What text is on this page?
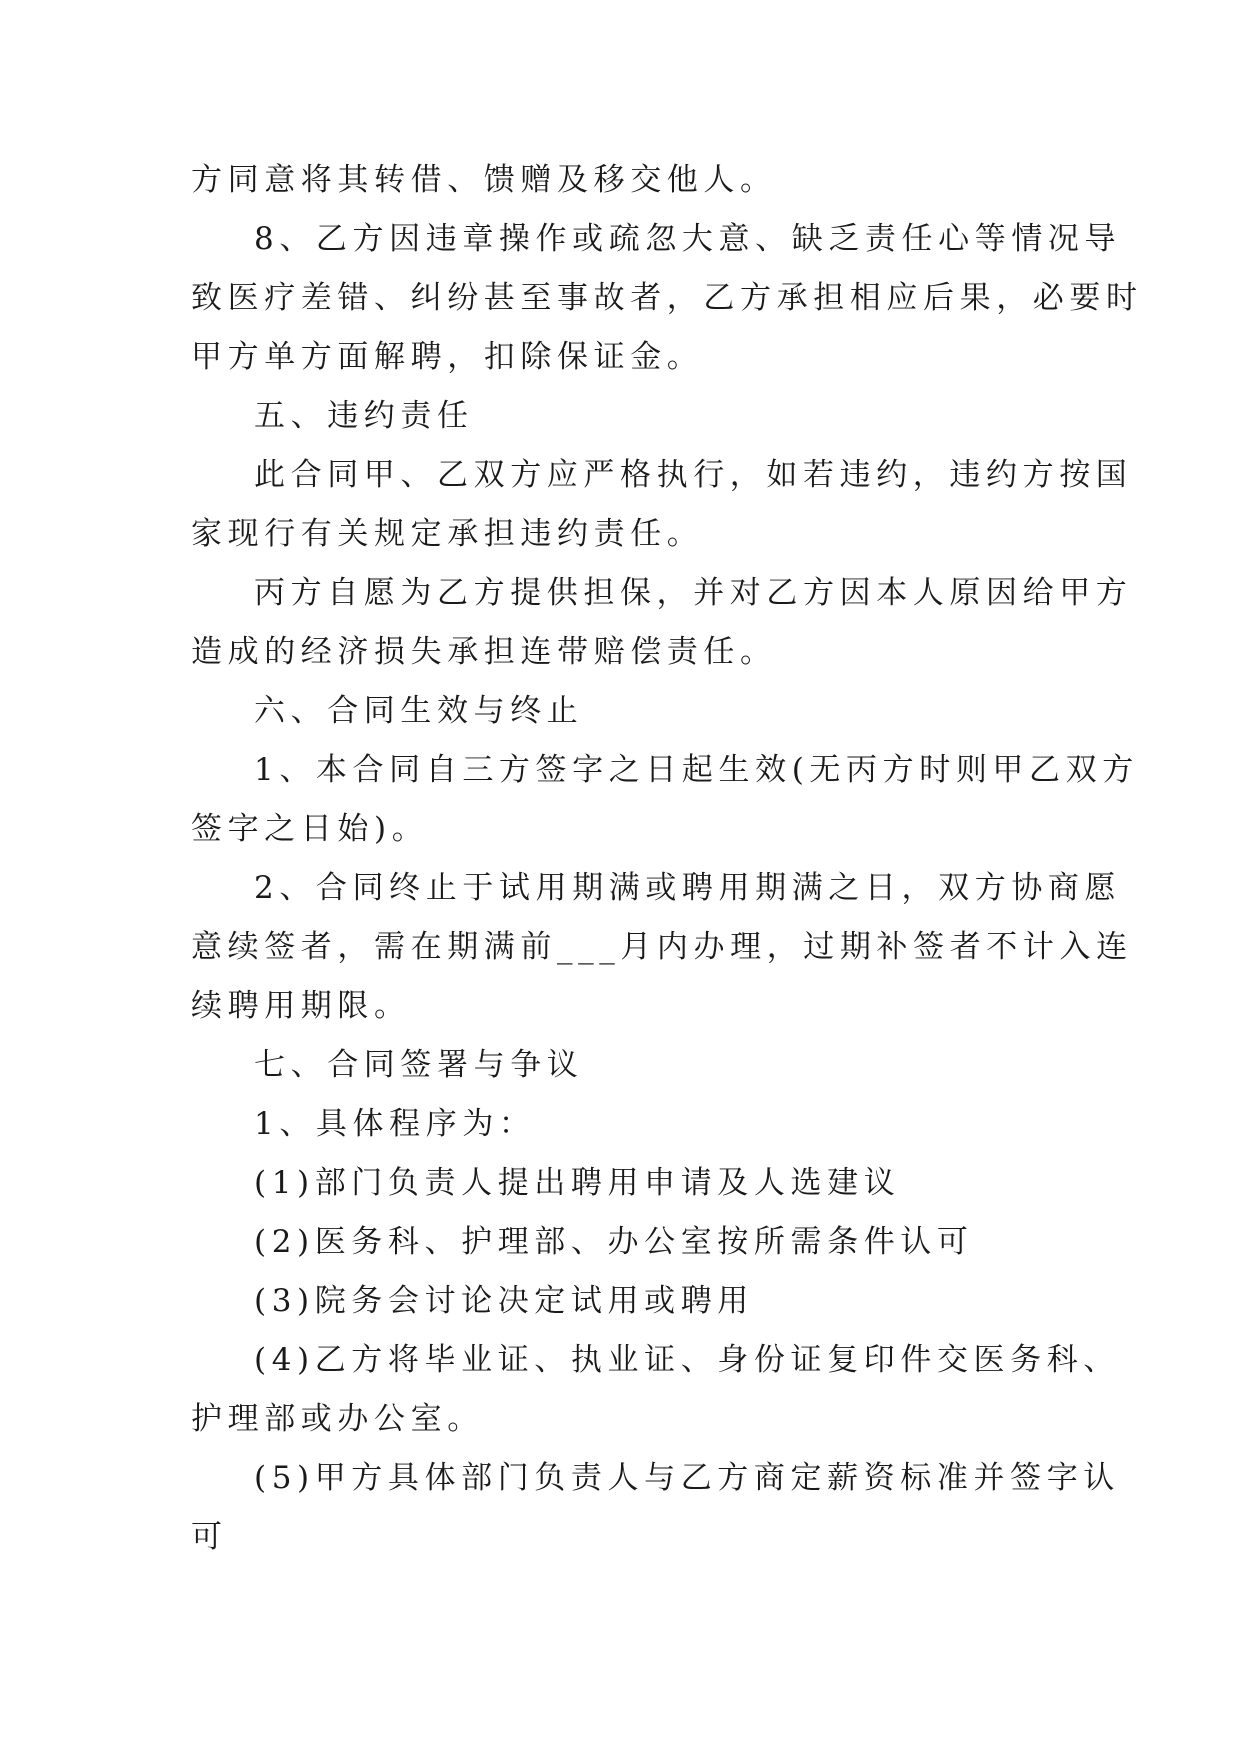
方同意将其转借、馈赠及移交他人。
8、乙方因违章操作或疏忽大意、缺乏责任心等情况导
致医疗差错、纠纷甚至事故者，乙方承担相应后果，必要时
甲方单方面解聘，扣除保证金。
五、违约责任
此合同甲、乙双方应严格执行，如若违约，违约方按国
家现行有关规定承担违约责任。
丙方自愿为乙方提供担保，并对乙方因本人原因给甲方
造成的经济损失承担连带赔偿责任。
六、合同生效与终止
1、本合同自三方签字之日起生效(无丙方时则甲乙双方
签字之日始)。
2、合同终止于试用期满或聘用期满之日，双方协商愿
意续签者，需在期满前___月内办理，过期补签者不计入连
续聘用期限。
七、合同签署与争议
1、具体程序为：
(1)部门负责人提出聘用申请及人选建议
(2)医务科、护理部、办公室按所需条件认可
(3)院务会讨论决定试用或聘用
(4)乙方将毕业证、执业证、身份证复印件交医务科、
护理部或办公室。
(5)甲方具体部门负责人与乙方商定薪资标准并签字认
可
